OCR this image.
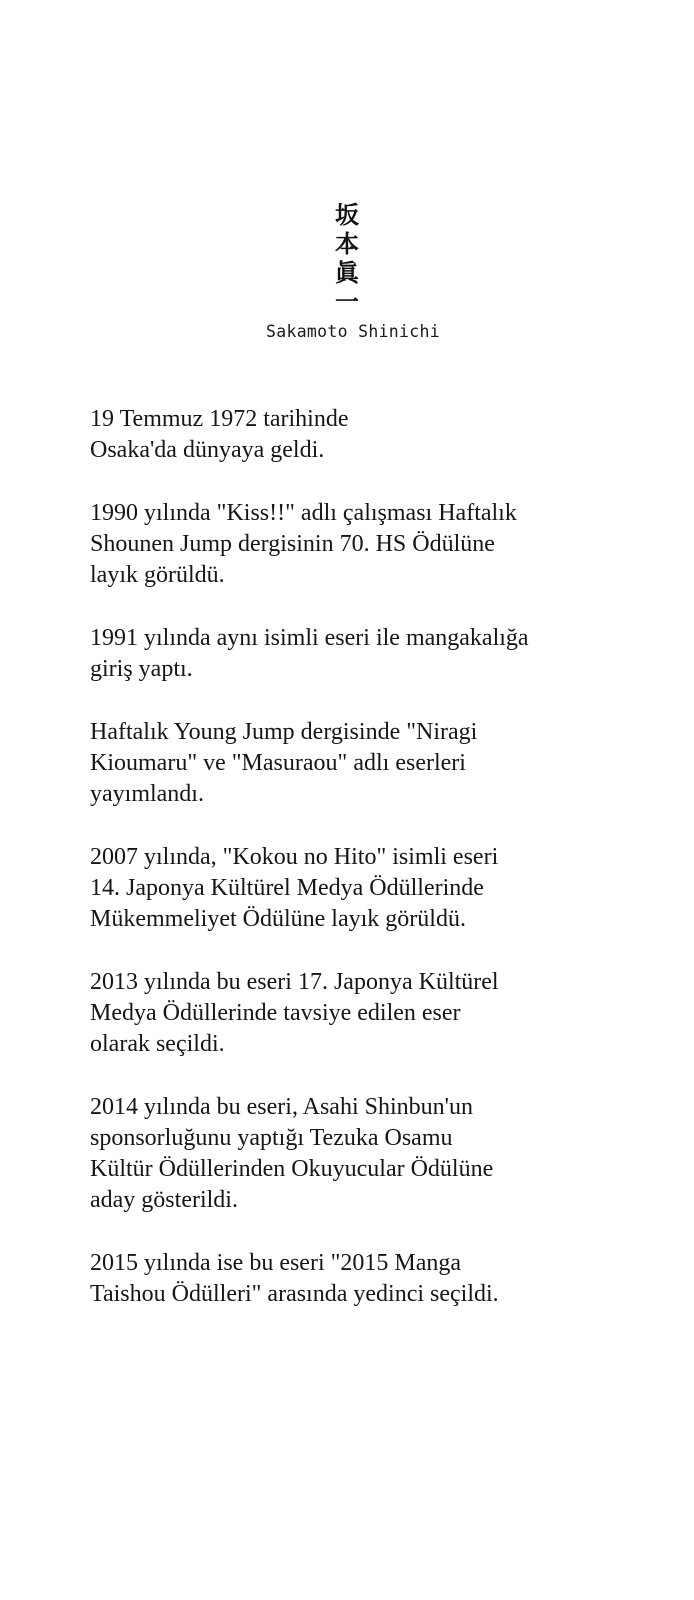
坂
本
眞
一
Sakamoto Shinichi

19 Temmuz 1972 tarihinde
Osaka'da dünyaya geldi.

1990 yılında "Kiss!!" adlı çalışması Haftalık
Shounen Jump dergisinin 70. HS Ödülüne
layık görüldü.

1991 yılında aynı isimli eseri ile mangakalığa
giriş yaptı.

Haftalık Young Jump dergisinde "Niragi
Kioumaru" ve "Masuraou" adlı eserleri
yayımlandı.

2007 yılında, "Kokou no Hito" isimli eseri
14. Japonya Kültürel Medya Ödüllerinde
Mükemmeliyet Ödülüne layık görüldü.

2013 yılında bu eseri 17. Japonya Kültürel
Medya Ödüllerinde tavsiye edilen eser
olarak seçildi.

2014 yılında bu eseri, Asahi Shinbun'un
sponsorluğunu yaptığı Tezuka Osamu
Kültür Ödüllerinden Okuyucular Ödülüne
aday gösterildi.

2015 yılında ise bu eseri "2015 Manga
Taishou Ödülleri" arasında yedinci seçildi.
